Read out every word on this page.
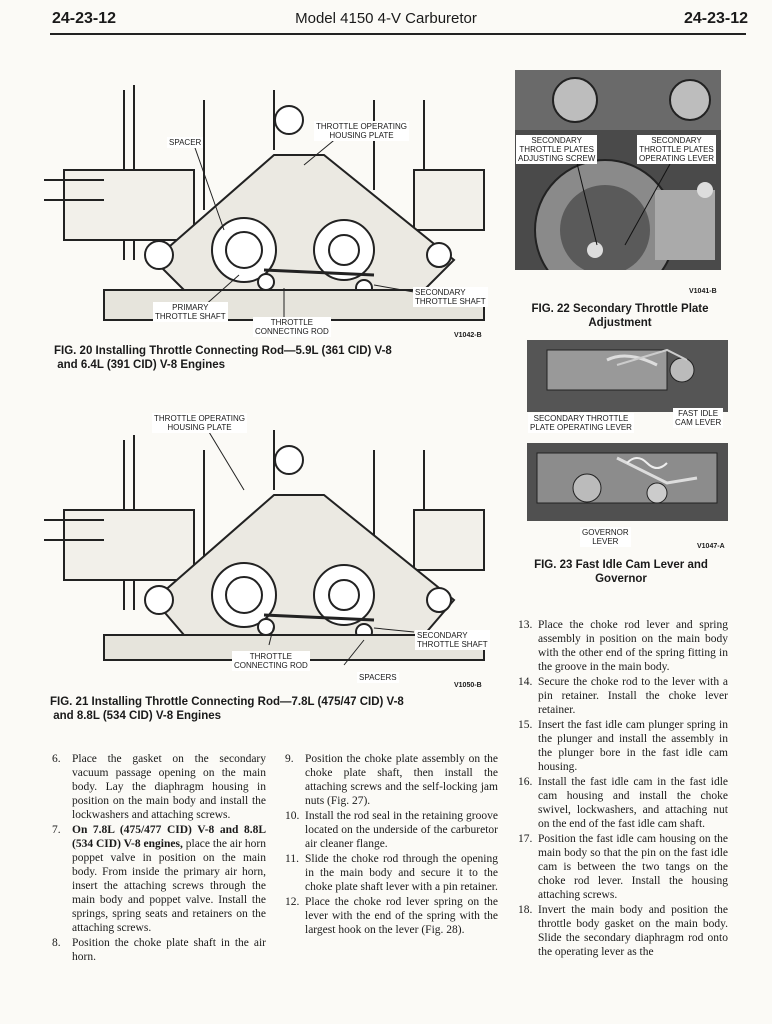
24-23-12	Model 4150 4-V Carburetor	24-23-12
THROTTLE OPERATING
HOUSING PLATE
SPACER
PRIMARY
THROTTLE SHAFT
THROTTLE
CONNECTING ROD
SECONDARY
THROTTLE SHAFT
V1042-B
FIG. 20 Installing Throttle Connecting Rod—5.9L (361 CID) V-8
and 6.4L (391 CID) V-8 Engines
THROTTLE OPERATING
HOUSING PLATE
THROTTLE
CONNECTING ROD
SPACERS
SECONDARY
THROTTLE SHAFT
V1050-B
FIG. 21 Installing Throttle Connecting Rod—7.8L (475/47 CID) V-8
and 8.8L (534 CID) V-8 Engines
SECONDARY
THROTTLE PLATES
ADJUSTING SCREW
SECONDARY
THROTTLE PLATES
OPERATING LEVER
V1041-B
FIG. 22 Secondary Throttle Plate
Adjustment
SECONDARY THROTTLE
PLATE OPERATING LEVER
FAST IDLE
CAM LEVER
GOVERNOR
LEVER
V1047-A
FIG. 23 Fast Idle Cam Lever and
Governor
6. Place the gasket on the secondary vacuum passage opening on the main body. Lay the diaphragm housing in position on the main body and install the lockwashers and attaching screws.
7. On 7.8L (475/477 CID) V-8 and 8.8L (534 CID) V-8 engines, place the air horn poppet valve in position on the main body. From inside the primary air horn, insert the attaching screws through the main body and poppet valve. Install the springs, spring seats and retainers on the attaching screws.
8. Position the choke plate shaft in the air horn.
9. Position the choke plate assembly on the choke plate shaft, then install the attaching screws and the self-locking jam nuts (Fig. 27).
10. Install the rod seal in the retaining groove located on the underside of the carburetor air cleaner flange.
11. Slide the choke rod through the opening in the main body and secure it to the choke plate shaft lever with a pin retainer.
12. Place the choke rod lever spring on the lever with the end of the spring with the largest hook on the lever (Fig. 28).
13. Place the choke rod lever and spring assembly in position on the main body with the other end of the spring fitting in the groove in the main body.
14. Secure the choke rod to the lever with a pin retainer. Install the choke lever retainer.
15. Insert the fast idle cam plunger spring in the plunger and install the assembly in the plunger bore in the fast idle cam housing.
16. Install the fast idle cam in the fast idle cam housing and install the choke swivel, lockwashers, and attaching nut on the end of the fast idle cam shaft.
17. Position the fast idle cam housing on the main body so that the pin on the fast idle cam is between the two tangs on the choke rod lever. Install the housing attaching screws.
18. Invert the main body and position the throttle body gasket on the main body. Slide the secondary diaphragm rod onto the operating lever as the
